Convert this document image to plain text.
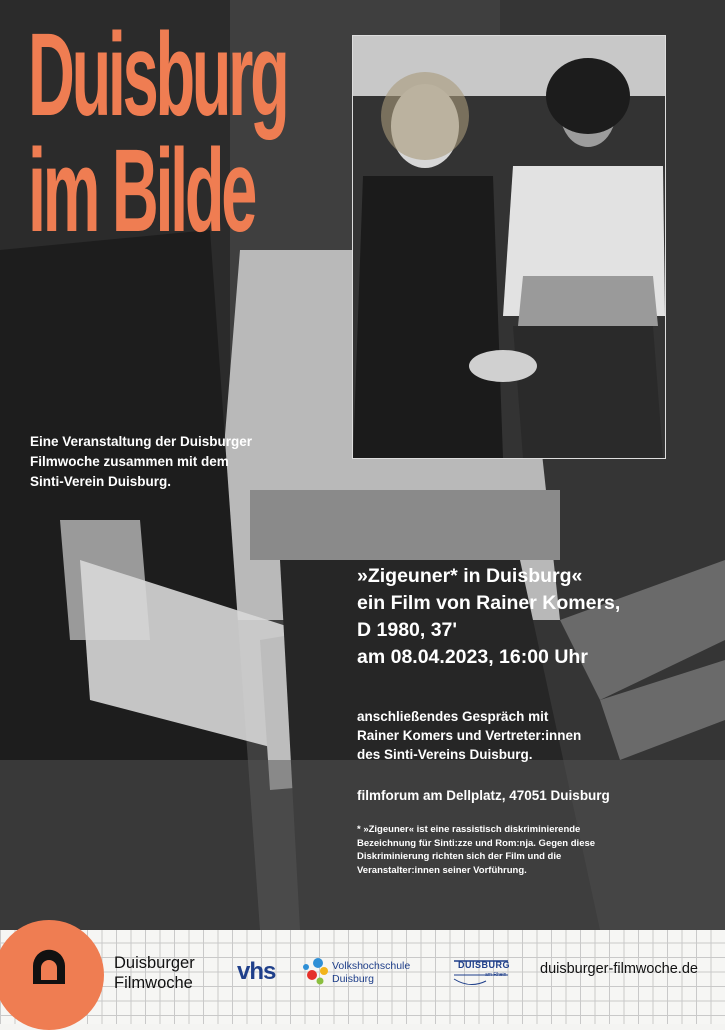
Duisburg
im Bilde

Eine Veranstaltung der Duisburger
Filmwoche zusammen mit dem
Sinti-Verein Duisburg.

»Zigeuner* in Duisburg«
ein Film von Rainer Komers,
D 1980, 37'
am 08.04.2023, 16:00 Uhr

anschließendes Gespräch mit
Rainer Komers und Vertreter:innen
des Sinti-Vereins Duisburg.

filmforum am Dellplatz, 47051 Duisburg

* »Zigeuner« ist eine rassistisch diskriminierende
Bezeichnung für Sinti:zze und Rom:nja. Gegen diese
Diskriminierung richten sich der Film und die
Veranstalter:innen seiner Vorführung.

Duisburger
Filmwoche vhs	Volkshochschule
Duisburg
DUISBURG
am Rhein duisburger-filmwoche.de
